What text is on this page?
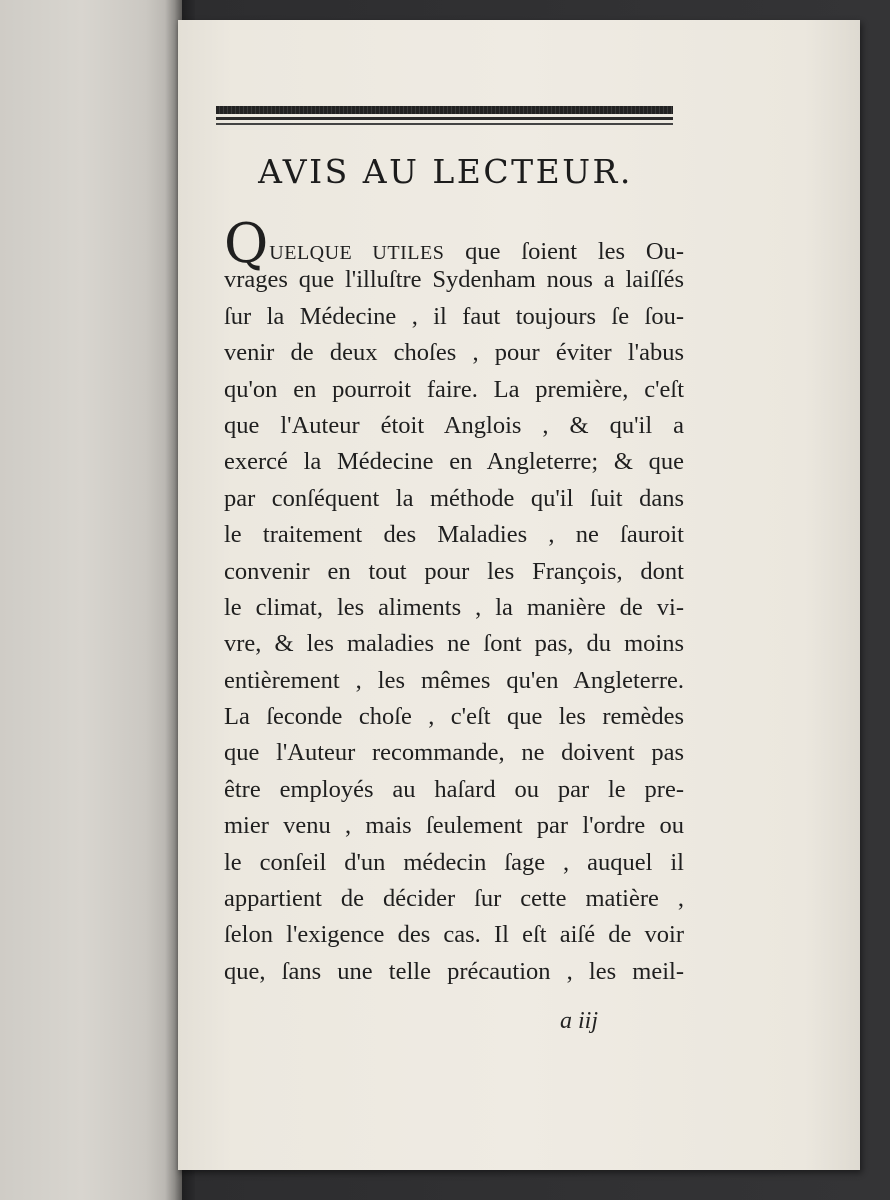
AVIS AU LECTEUR.
QUELQUE UTILES que ſoient les Ou-
vrages que l'illuſtre Sydenham nous a laiſſés
ſur la Médecine , il faut toujours ſe ſou-
venir de deux choſes , pour éviter l'abus
qu'on en pourroit faire. La première, c'eſt
que l'Auteur étoit Anglois , & qu'il a
exercé la Médecine en Angleterre; & que
par conſéquent la méthode qu'il ſuit dans
le traitement des Maladies , ne ſauroit
convenir en tout pour les François, dont
le climat, les aliments , la manière de vi-
vre, & les maladies ne ſont pas, du moins
entièrement , les mêmes qu'en Angleterre.
La ſeconde choſe , c'eſt que les remèdes
que l'Auteur recommande, ne doivent pas
être employés au haſard ou par le pre-
mier venu , mais ſeulement par l'ordre ou
le conſeil d'un médecin ſage , auquel il
appartient de décider ſur cette matière ,
ſelon l'exigence des cas. Il eſt aiſé de voir
que, ſans une telle précaution , les meil-
a iij
